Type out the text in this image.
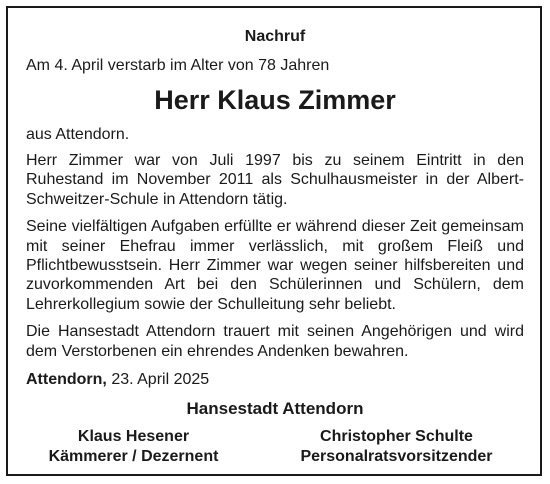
Nachruf
Am 4. April verstarb im Alter von 78 Jahren
Herr Klaus Zimmer
aus Attendorn.
Herr Zimmer war von Juli 1997 bis zu seinem Eintritt in den Ruhestand im November 2011 als Schulhausmeister in der Albert-Schweitzer-Schule in Attendorn tätig.
Seine vielfältigen Aufgaben erfüllte er während dieser Zeit gemeinsam mit seiner Ehefrau immer verlässlich, mit großem Fleiß und Pflichtbewusstsein. Herr Zimmer war wegen seiner hilfsbereiten und zuvorkommenden Art bei den Schülerinnen und Schülern, dem Lehrerkollegium sowie der Schulleitung sehr beliebt.
Die Hansestadt Attendorn trauert mit seinen Angehörigen und wird dem Verstorbenen ein ehrendes Andenken bewahren.
Attendorn, 23. April 2025
Hansestadt Attendorn
Klaus Hesener
Kämmerer / Dezernent
Christopher Schulte
Personalratsvorsitzender
